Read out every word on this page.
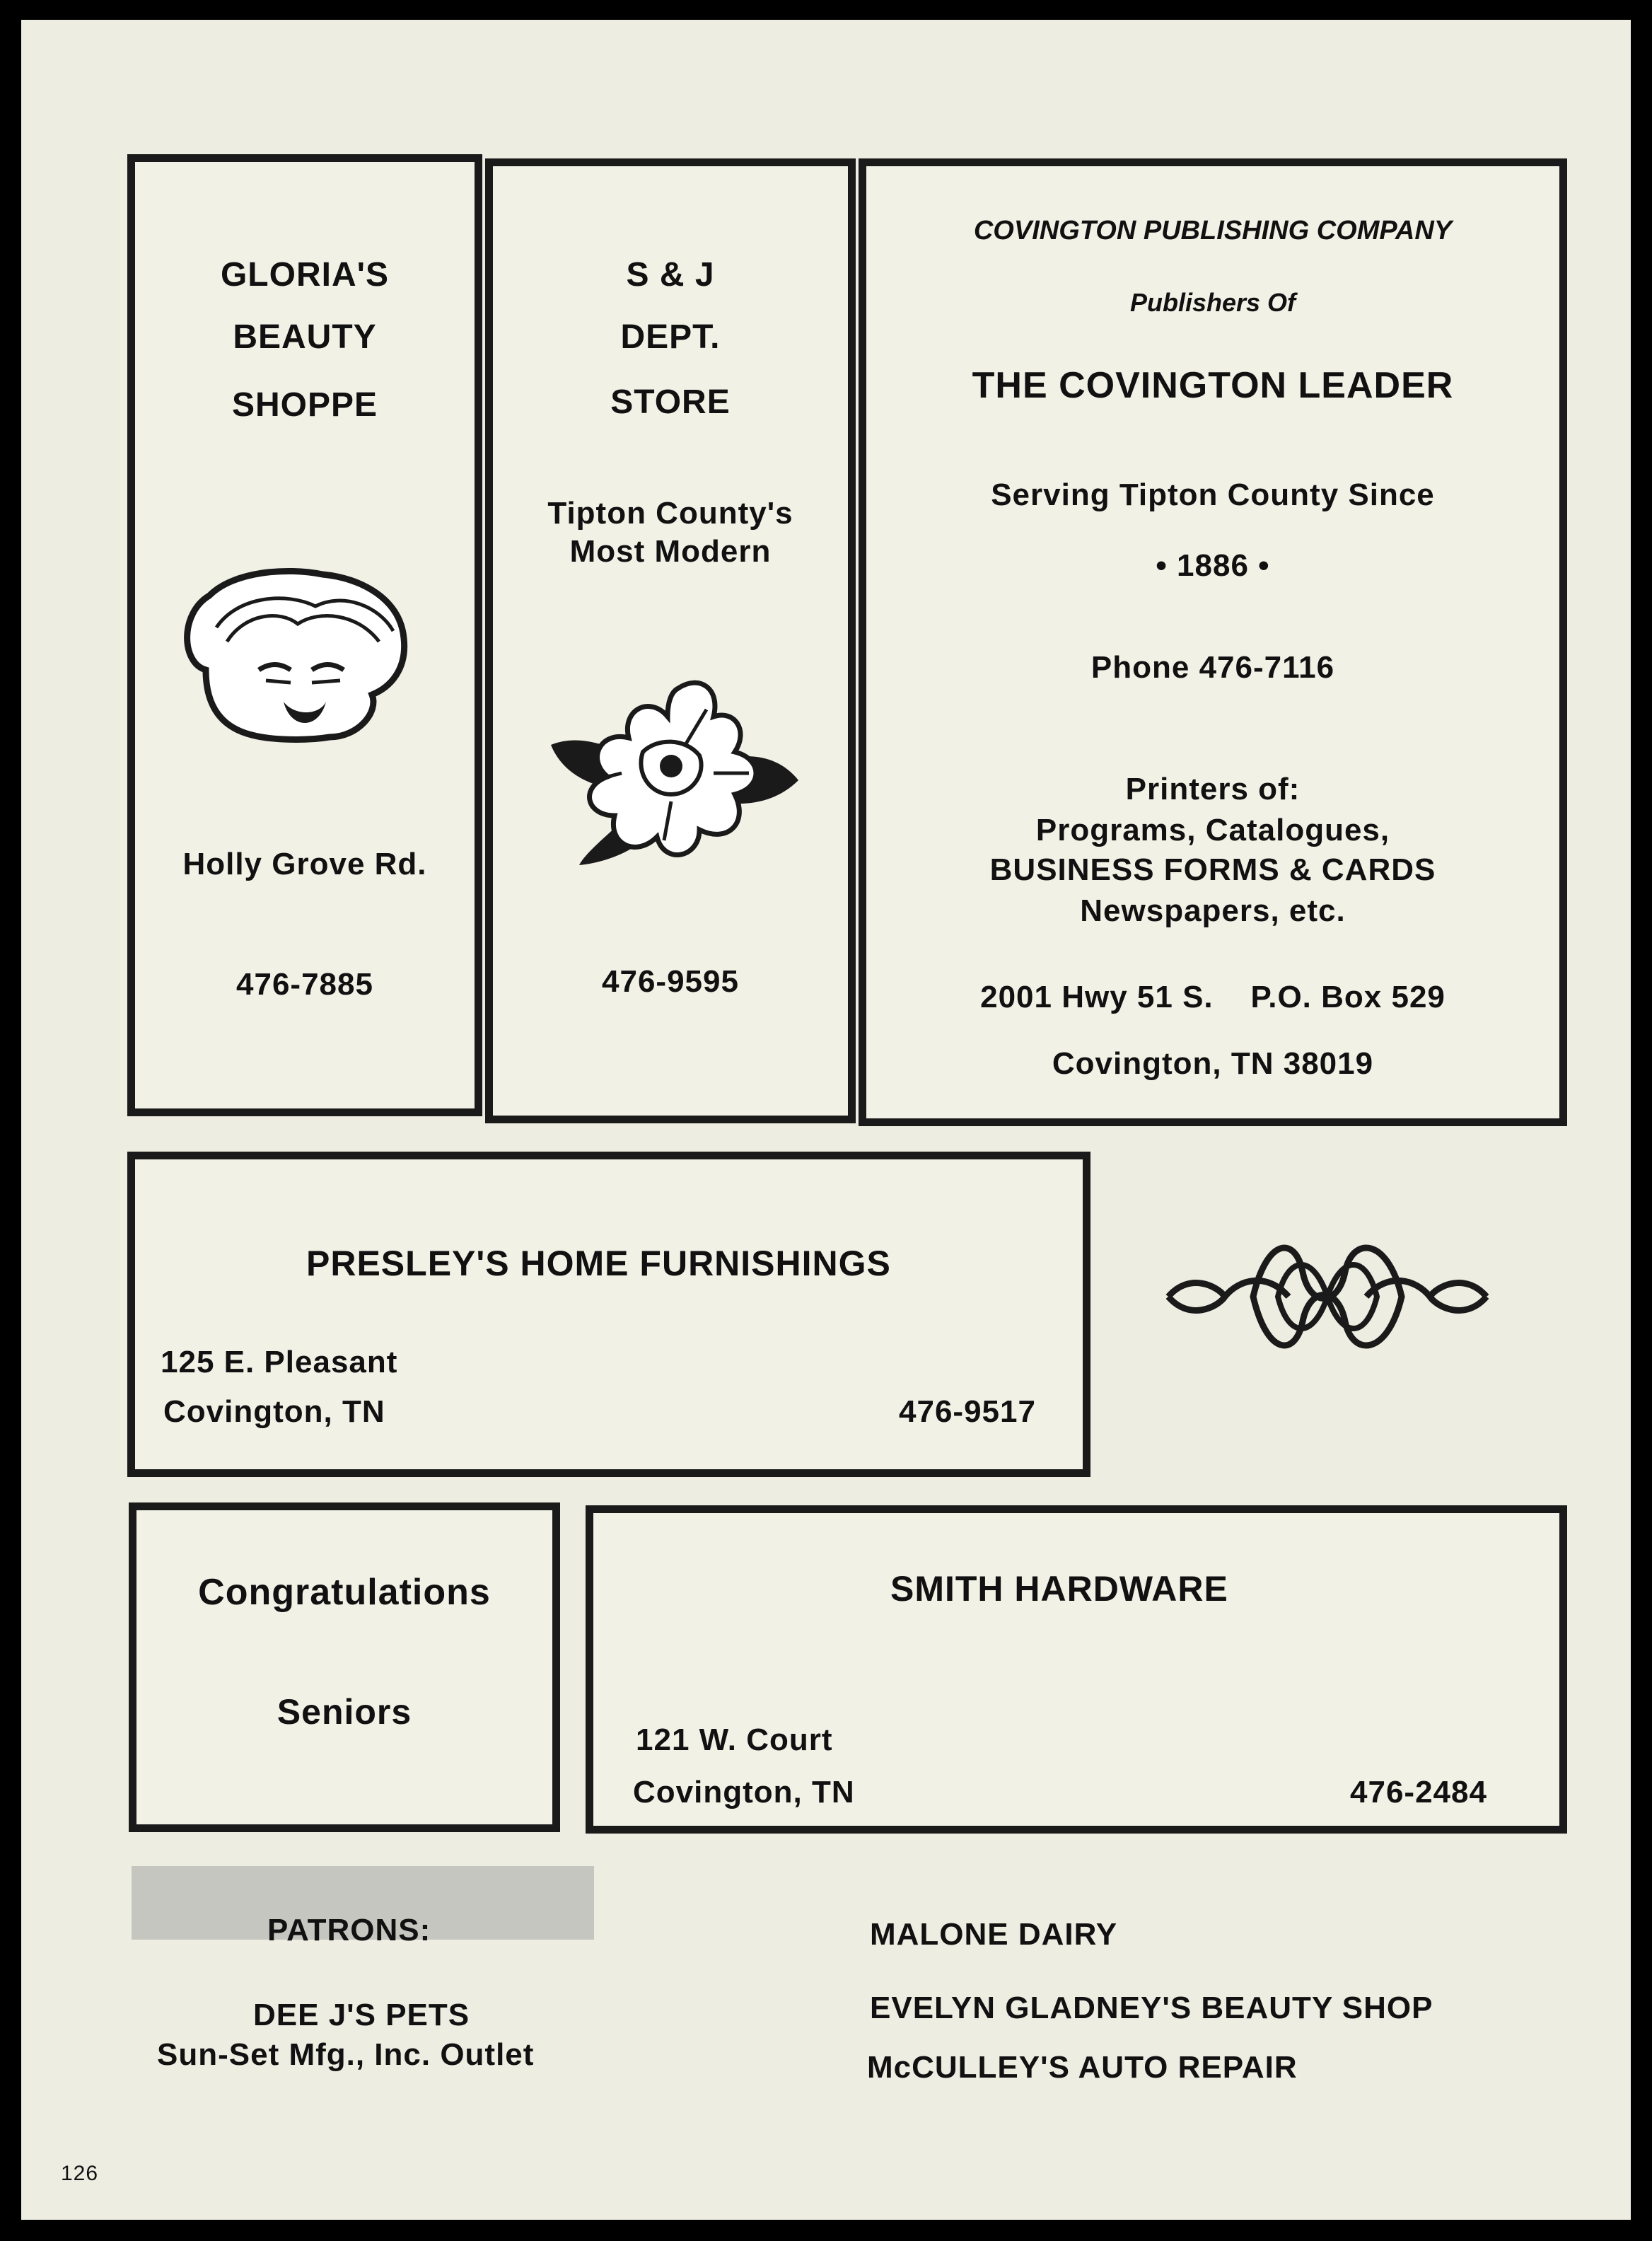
GLORIA'S
BEAUTY
SHOPPE
Holly Grove Rd.
476-7885
S & J
DEPT.
STORE
Tipton County's
Most Modern
476-9595
COVINGTON PUBLISHING COMPANY
Publishers Of
THE COVINGTON LEADER
Serving Tipton County Since
• 1886 •
Phone 476-7116
Printers of:
Programs, Catalogues,
BUSINESS FORMS & CARDS
Newspapers, etc.
2001 Hwy 51 S.    P.O. Box 529
Covington, TN 38019
PRESLEY'S HOME FURNISHINGS
125 E. Pleasant
Covington, TN	476-9517
Congratulations
Seniors
SMITH HARDWARE
121 W. Court
Covington, TN	476-2484
PATRONS:
DEE J'S PETS
Sun-Set Mfg., Inc. Outlet
MALONE DAIRY
EVELYN GLADNEY'S BEAUTY SHOP
McCULLEY'S AUTO REPAIR
126
